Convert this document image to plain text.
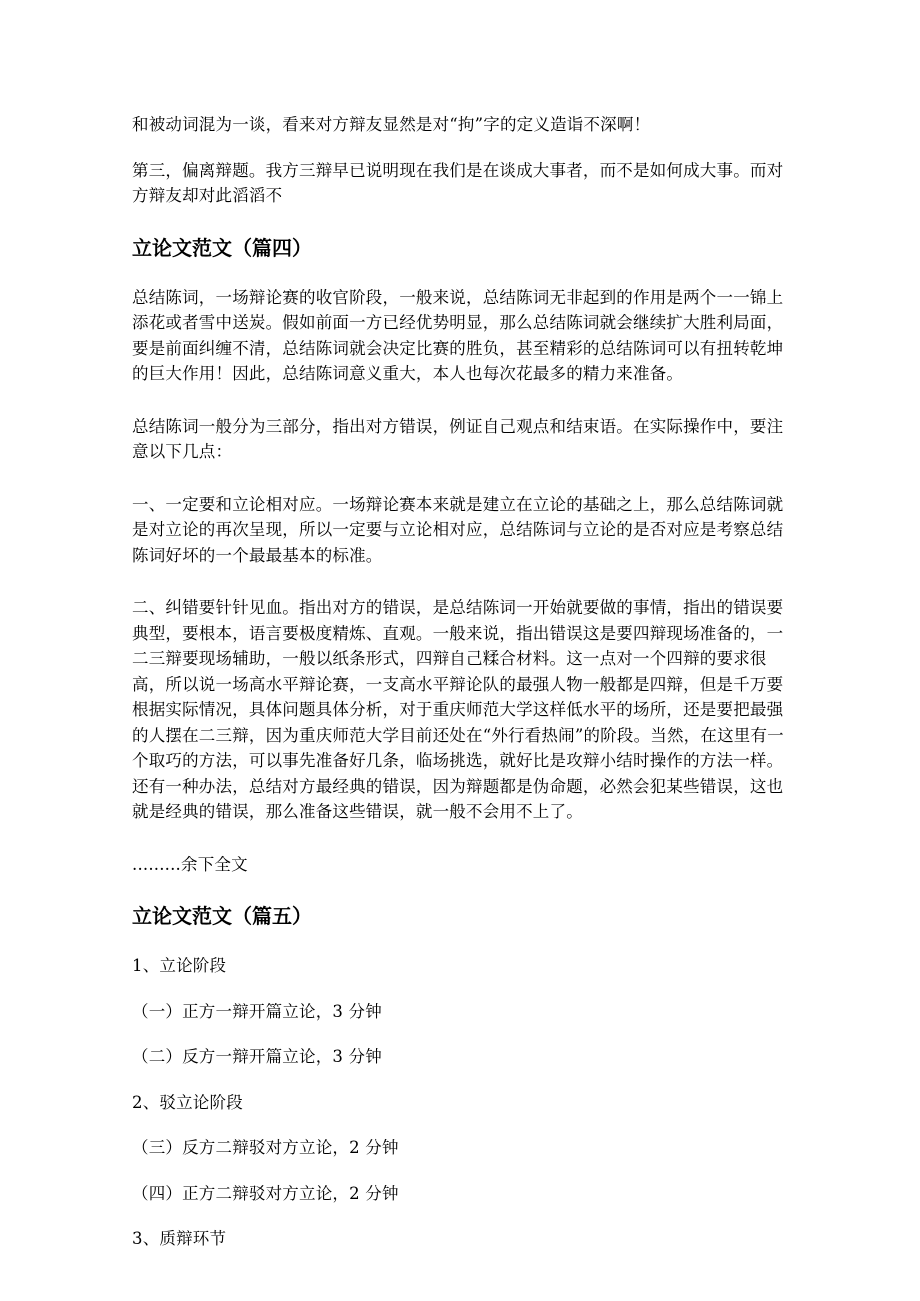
和被动词混为一谈，看来对方辩友显然是对“拘”字的定义造诣不深啊！

第三，偏离辩题。我方三辩早已说明现在我们是在谈成大事者，而不是如何成大事。而对方辩友却对此滔滔不

立论文范文（篇四）

总结陈词，一场辩论赛的收官阶段，一般来说，总结陈词无非起到的作用是两个一一锦上添花或者雪中送炭。假如前面一方已经优势明显，那么总结陈词就会继续扩大胜利局面，要是前面纠缠不清，总结陈词就会决定比赛的胜负，甚至精彩的总结陈词可以有扭转乾坤的巨大作用！因此，总结陈词意义重大，本人也每次花最多的精力来准备。

总结陈词一般分为三部分，指出对方错误，例证自己观点和结束语。在实际操作中，要注意以下几点：

一、一定要和立论相对应。一场辩论赛本来就是建立在立论的基础之上，那么总结陈词就是对立论的再次呈现，所以一定要与立论相对应，总结陈词与立论的是否对应是考察总结陈词好坏的一个最最基本的标准。

二、纠错要针针见血。指出对方的错误，是总结陈词一开始就要做的事情，指出的错误要典型，要根本，语言要极度精炼、直观。一般来说，指出错误这是要四辩现场准备的，一二三辩要现场辅助，一般以纸条形式，四辩自己糅合材料。这一点对一个四辩的要求很高，所以说一场高水平辩论赛，一支高水平辩论队的最强人物一般都是四辩，但是千万要根据实际情况，具体问题具体分析，对于重庆师范大学这样低水平的场所，还是要把最强的人摆在二三辩，因为重庆师范大学目前还处在“外行看热闹”的阶段。当然，在这里有一个取巧的方法，可以事先准备好几条，临场挑选，就好比是攻辩小结时操作的方法一样。还有一种办法，总结对方最经典的错误，因为辩题都是伪命题，必然会犯某些错误，这也就是经典的错误，那么准备这些错误，就一般不会用不上了。

.........余下全文

立论文范文（篇五）

1、立论阶段

（一）正方一辩开篇立论，3 分钟

（二）反方一辩开篇立论，3 分钟

2、驳立论阶段

（三）反方二辩驳对方立论，2 分钟

（四）正方二辩驳对方立论，2 分钟

3、质辩环节
